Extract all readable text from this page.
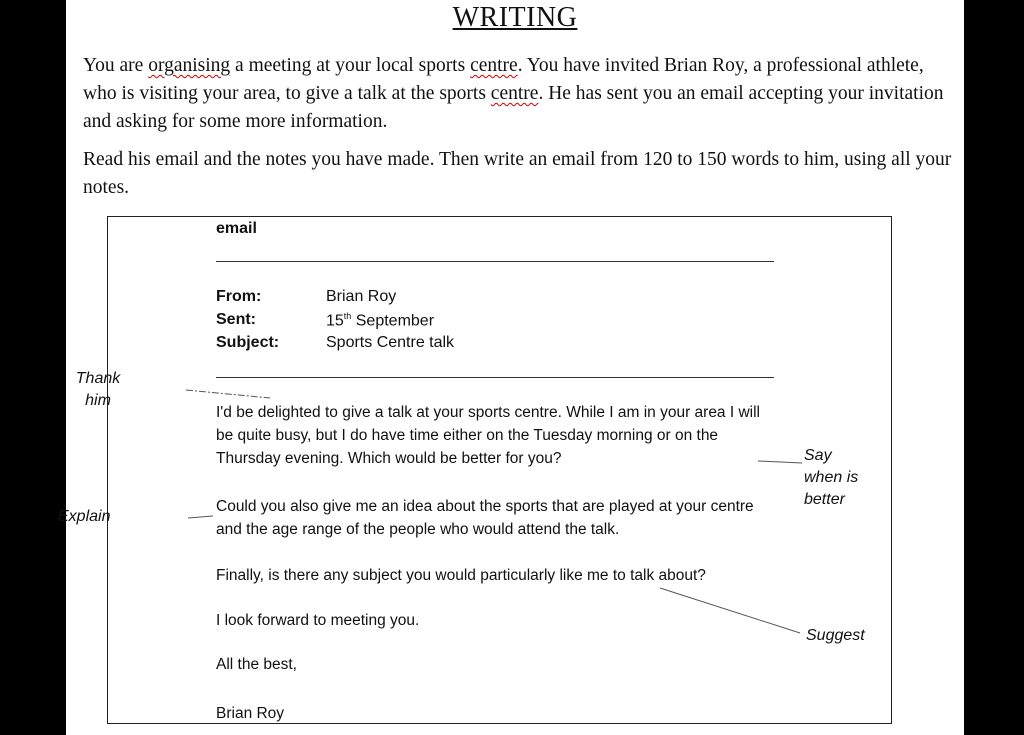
WRITING
You are organising a meeting at your local sports centre. You have invited Brian Roy, a professional athlete, who is visiting your area, to give a talk at the sports centre. He has sent you an email accepting your invitation and asking for some more information.
Read his email and the notes you have made. Then write an email from 120 to 150 words to him, using all your notes.
email
From:	Brian Roy
Sent:	15th September
Subject:	Sports Centre talk
I'd be delighted to give a talk at your sports centre. While I am in your area I will be quite busy, but I do have time either on the Tuesday morning or on the Thursday evening. Which would be better for you?
Could you also give me an idea about the sports that are played at your centre and the age range of the people who would attend the talk.
Finally, is there any subject you would particularly like me to talk about?
I look forward to meeting you.
All the best,
Brian Roy
Thank
him
Explain
Say
when is
better
Suggest
